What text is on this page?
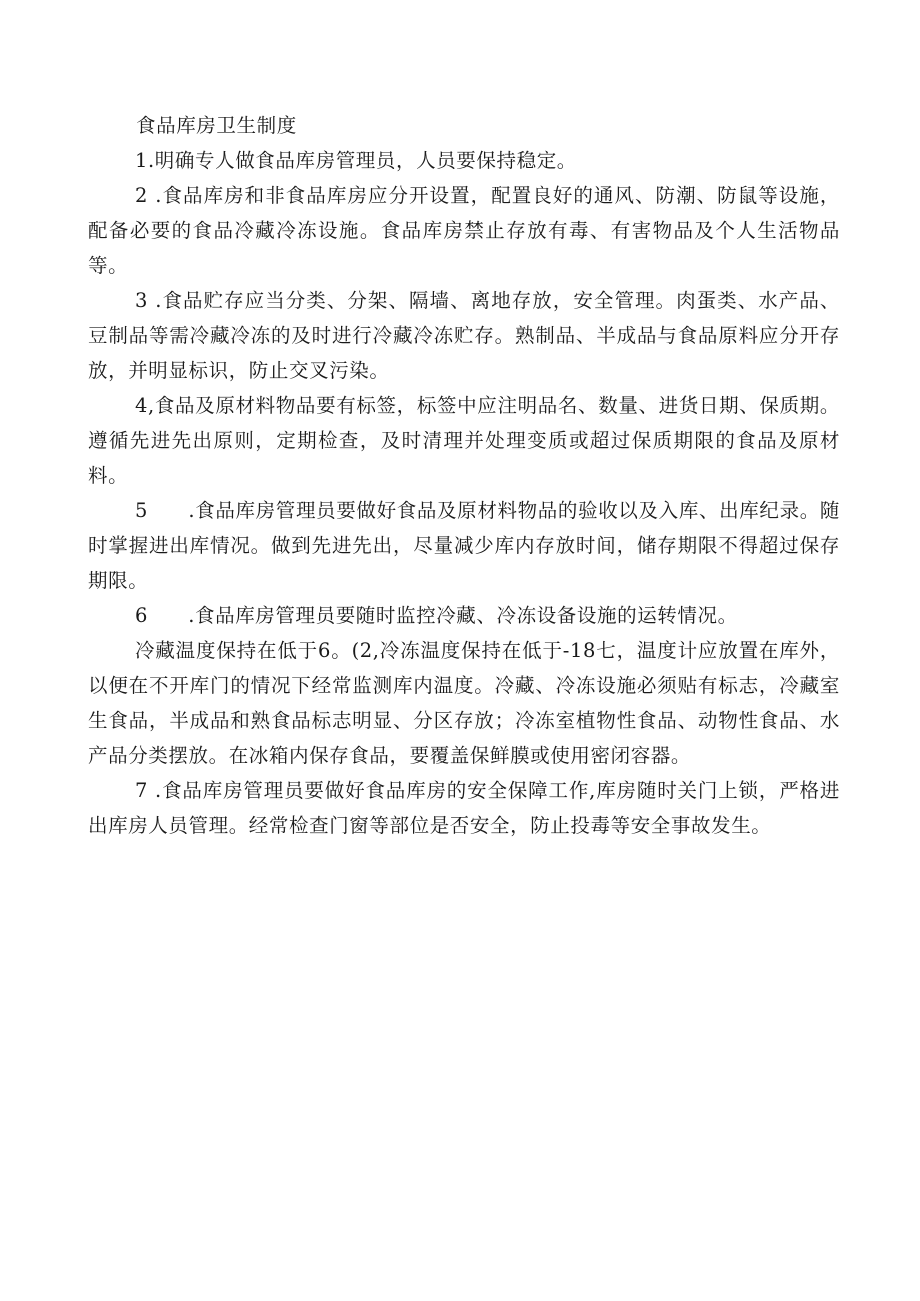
食品库房卫生制度

1.明确专人做食品库房管理员，人员要保持稳定。

2 .食品库房和非食品库房应分开设置，配置良好的通风、防潮、防鼠等设施，配备必要的食品冷藏冷冻设施。食品库房禁止存放有毒、有害物品及个人生活物品等。

3 .食品贮存应当分类、分架、隔墙、离地存放，安全管理。肉蛋类、水产品、豆制品等需冷藏冷冻的及时进行冷藏冷冻贮存。熟制品、半成品与食品原料应分开存放，并明显标识，防止交叉污染。

4,食品及原材料物品要有标签，标签中应注明品名、数量、进货日期、保质期。遵循先进先出原则，定期检查，及时清理并处理变质或超过保质期限的食品及原材料。

5　　.食品库房管理员要做好食品及原材料物品的验收以及入库、出库纪录。随时掌握进出库情况。做到先进先出，尽量减少库内存放时间，储存期限不得超过保存期限。

6　　.食品库房管理员要随时监控冷藏、冷冻设备设施的运转情况。

冷藏温度保持在低于6。(2,冷冻温度保持在低于-18七，温度计应放置在库外，以便在不开库门的情况下经常监测库内温度。冷藏、冷冻设施必须贴有标志，冷藏室生食品，半成品和熟食品标志明显、分区存放；冷冻室植物性食品、动物性食品、水产品分类摆放。在冰箱内保存食品，要覆盖保鲜膜或使用密闭容器。

7 .食品库房管理员要做好食品库房的安全保障工作,库房随时关门上锁，严格进出库房人员管理。经常检查门窗等部位是否安全，防止投毒等安全事故发生。
